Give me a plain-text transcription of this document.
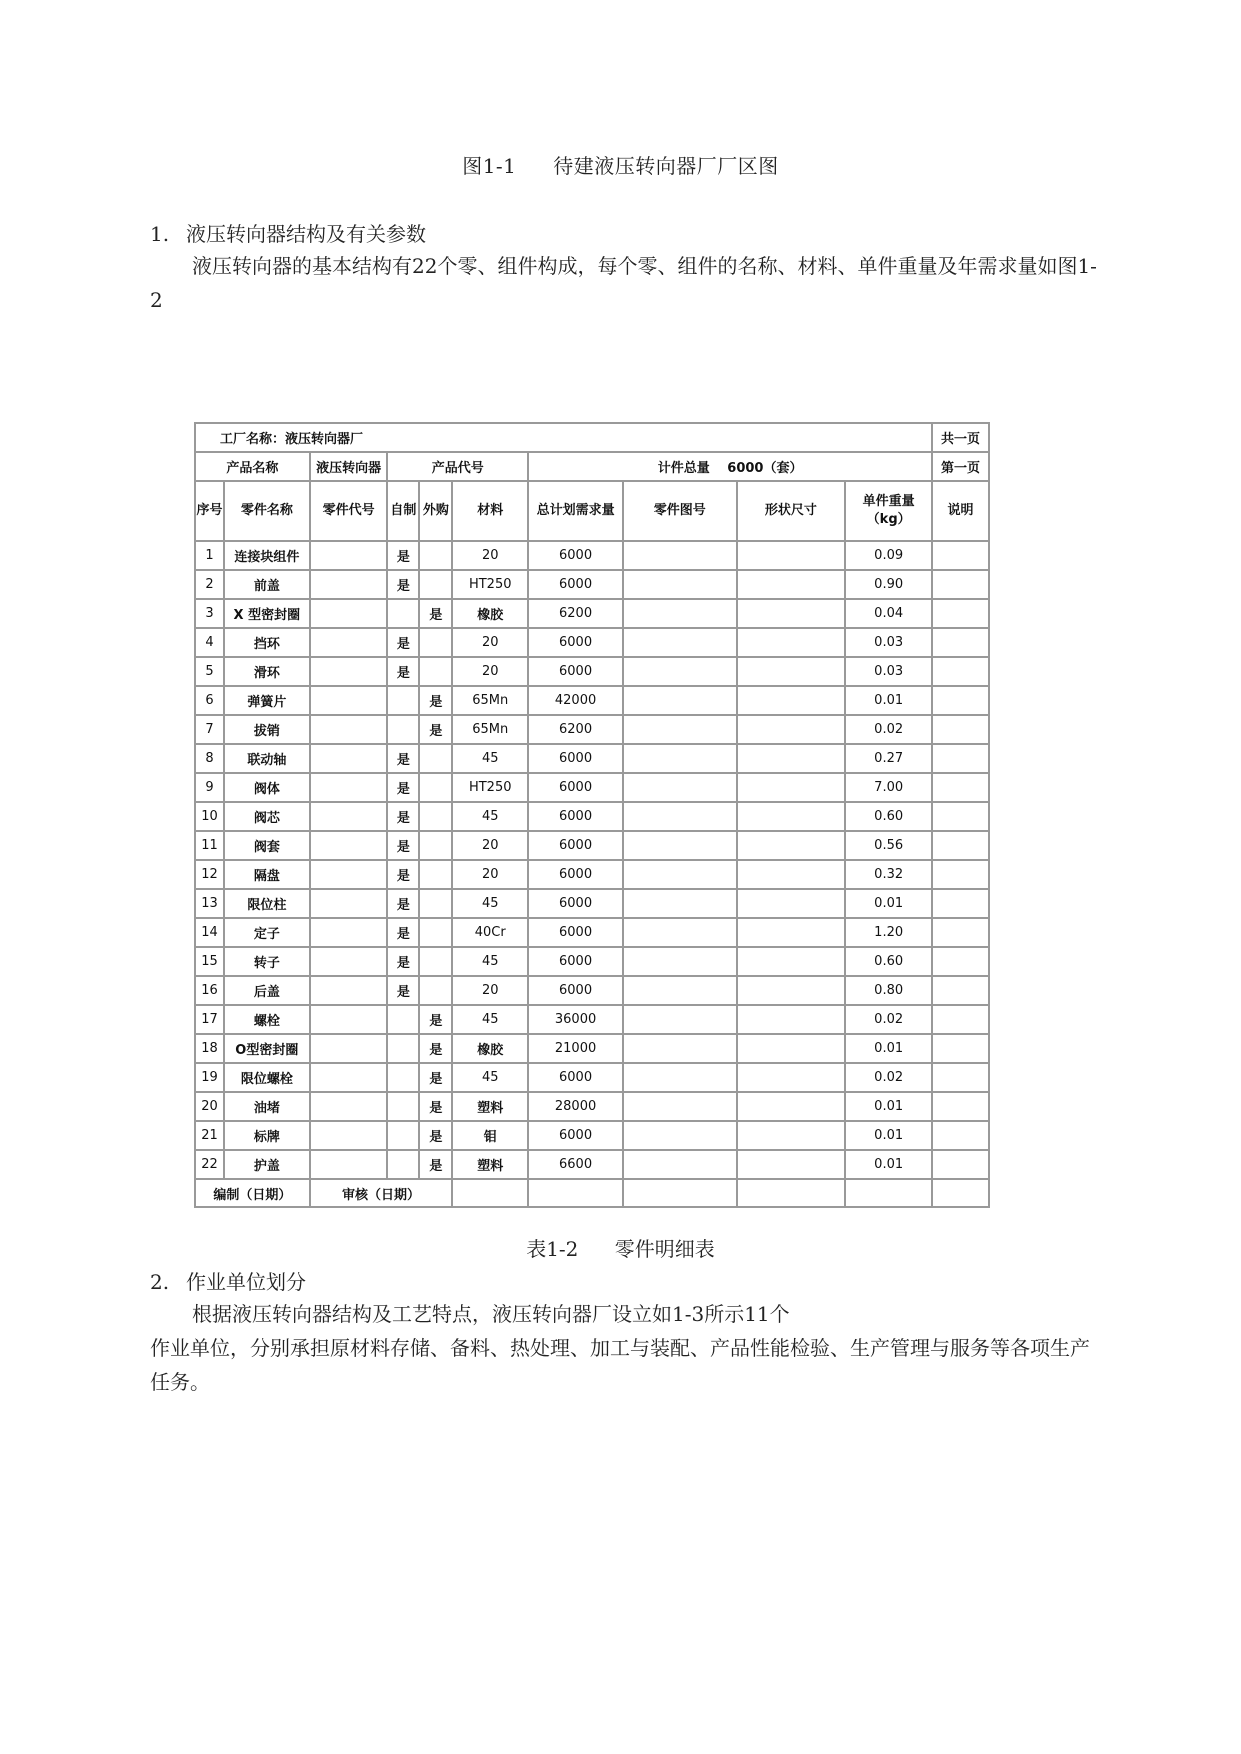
图1-1 待建液压转向器厂厂区图
1. 液压转向器结构及有关参数
液压转向器的基本结构有22个零、组件构成，每个零、组件的名称、材料、单件重量及年需求量如图1-2
工厂名称：液压转向器厂										共一页
产品名称		液压转向器	产品代号			计件总量　 6000（套）				第一页
序号	零件名称	零件代号	自制	外购	材料	总计划需求量	零件图号	形状尺寸	单件重量（kg）	说明
1	连接块组件		是		20	6000			0.09	
2	前盖		是		HT250	6000			0.90	
3	X 型密封圈			是	橡胶	6200			0.04	
4	挡环		是		20	6000			0.03	
5	滑环		是		20	6000			0.03	
6	弹簧片			是	65Mn	42000			0.01	
7	拔销			是	65Mn	6200			0.02	
8	联动轴		是		45	6000			0.27	
9	阀体		是		HT250	6000			7.00	
10	阀芯		是		45	6000			0.60	
11	阀套		是		20	6000			0.56	
12	隔盘		是		20	6000			0.32	
13	限位柱		是		45	6000			0.01	
14	定子		是		40Cr	6000			1.20	
15	转子		是		45	6000			0.60	
16	后盖		是		20	6000			0.80	
17	螺栓			是	45	36000			0.02	
18	O型密封圈			是	橡胶	21000			0.01	
19	限位螺栓			是	45	6000			0.02	
20	油堵			是	塑料	28000			0.01	
21	标牌			是	钼	6000			0.01	
22	护盖			是	塑料	6600			0.01	
编制（日期）		审核（日期）								
表1-2 零件明细表
2. 作业单位划分
根据液压转向器结构及工艺特点，液压转向器厂设立如1-3所示11个
作业单位，分别承担原材料存储、备料、热处理、加工与装配、产品性能检验、生产管理与服务等各项生产任务。
